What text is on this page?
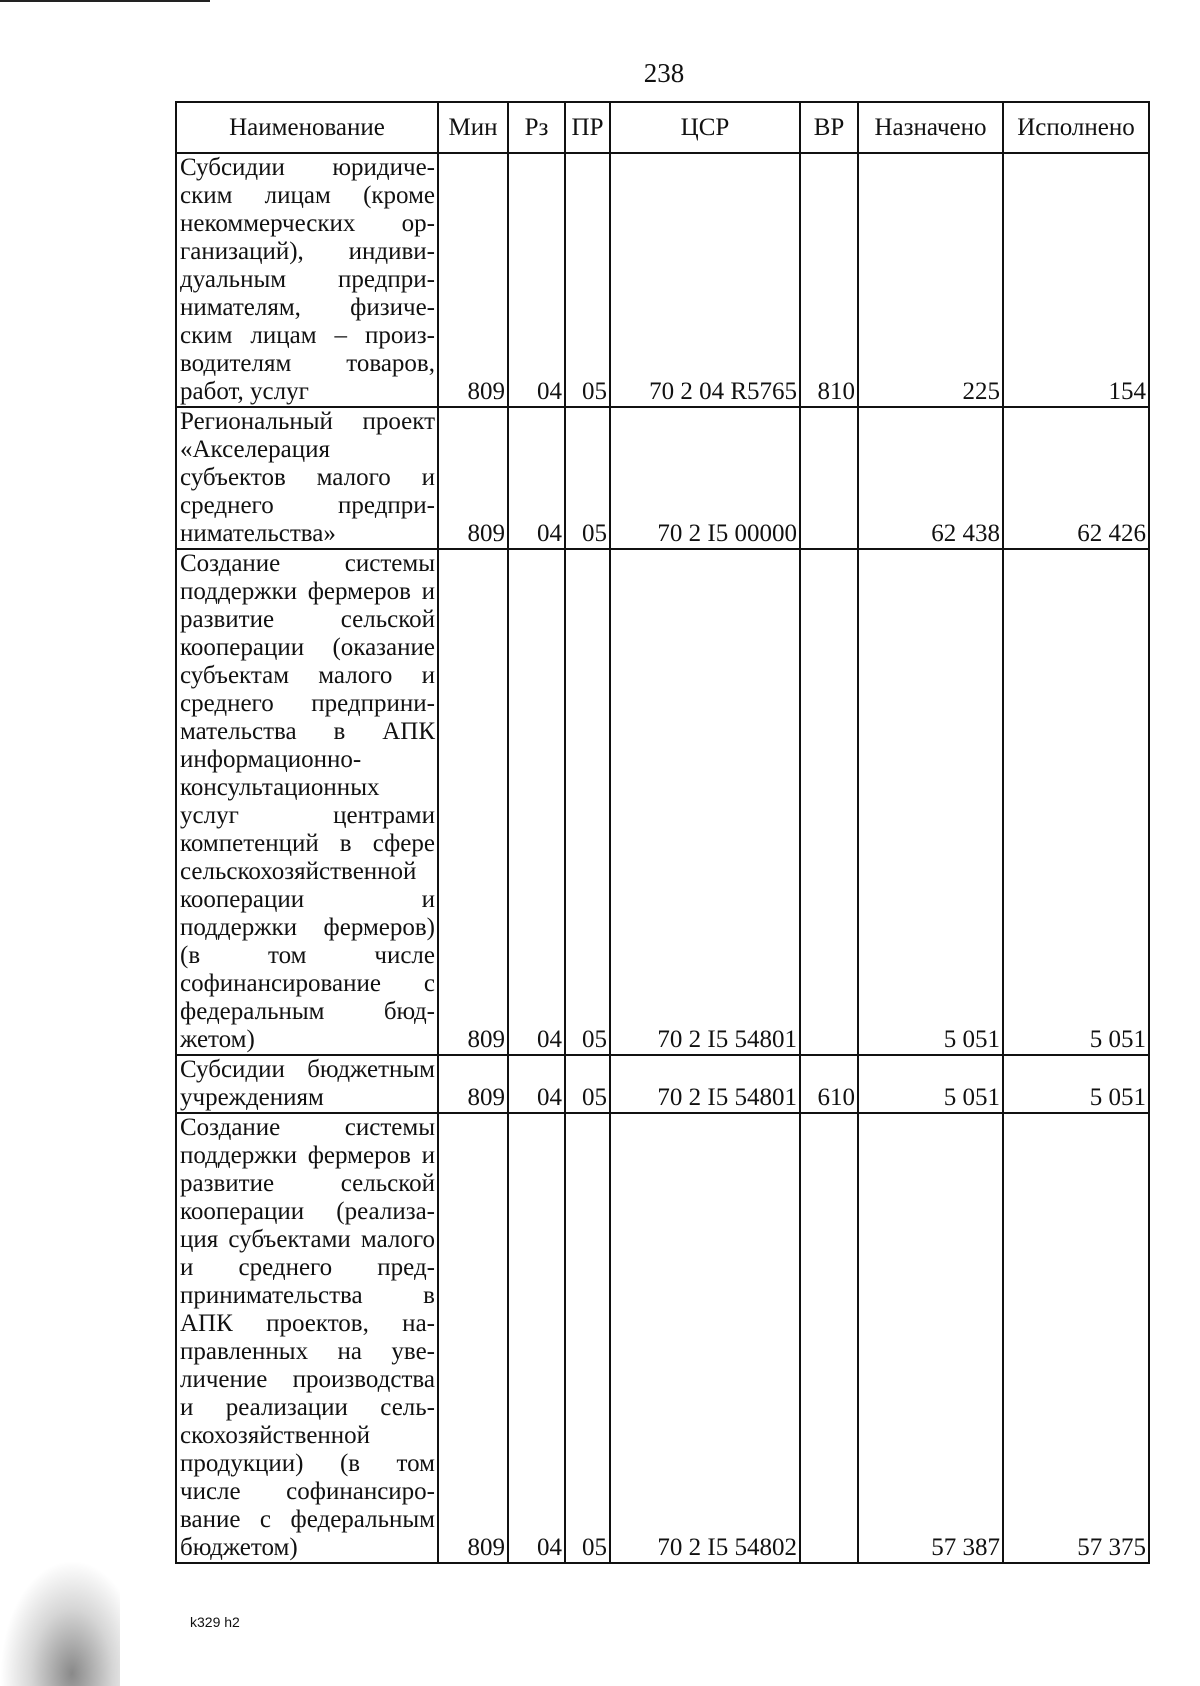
238
Наименование	Мин	Рз	ПР	ЦСР	ВР	Назначено	Исполнено
Субсидии юридическим лицам (кроме некоммерческих организаций), индивидуальным предпринимателям, физическим лицам – производителям товаров, работ, услуг	809	04	05	70 2 04 R5765	810	225	154
Региональный проект «Акселерация субъектов малого и среднего предпринимательства»	809	04	05	70 2 I5 00000		62 438	62 426
Создание системы поддержки фермеров и развитие сельской кооперации (оказание субъектам малого и среднего предпринимательства в АПК информационно-консультационных услуг центрами компетенций в сфере сельскохозяйственной кооперации и поддержки фермеров) (в том числе софинансирование с федеральным бюджетом)	809	04	05	70 2 I5 54801		5 051	5 051
Субсидии бюджетным учреждениям	809	04	05	70 2 I5 54801	610	5 051	5 051
Создание системы поддержки фермеров и развитие сельской кооперации (реализация субъектами малого и среднего предпринимательства в АПК проектов, направленных на увеличение производства и реализации сельскохозяйственной продукции) (в том числе софинансирование с федеральным бюджетом)	809	04	05	70 2 I5 54802		57 387	57 375
k329 h2
